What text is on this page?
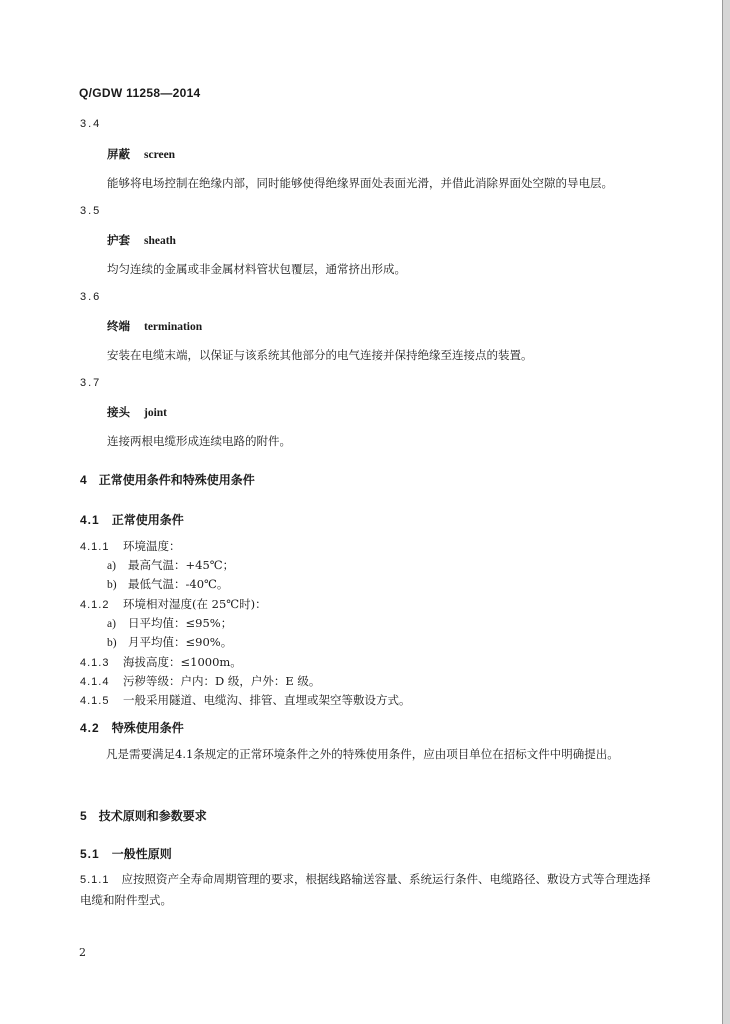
Q/GDW 11258—2014
3.4
屏蔽 screen
能够将电场控制在绝缘内部，同时能够使得绝缘界面处表面光滑，并借此消除界面处空隙的导电层。
3.5
护套 sheath
均匀连续的金属或非金属材料管状包覆层，通常挤出形成。
3.6
终端 termination
安装在电缆末端，以保证与该系统其他部分的电气连接并保持绝缘至连接点的装置。
3.7
接头 joint
连接两根电缆形成连续电路的附件。
4 正常使用条件和特殊使用条件
4.1 正常使用条件
4.1.1 环境温度：
a) 最高气温：+45℃；
b) 最低气温：-40℃。
4.1.2 环境相对湿度(在 25℃时)：
a) 日平均值：≤95%；
b) 月平均值：≤90%。
4.1.3 海拔高度：≤1000m。
4.1.4 污秽等级：户内：D 级，户外：E 级。
4.1.5 一般采用隧道、电缆沟、排管、直埋或架空等敷设方式。
4.2 特殊使用条件
凡是需要满足4.1条规定的正常环境条件之外的特殊使用条件，应由项目单位在招标文件中明确提出。
5 技术原则和参数要求
5.1 一般性原则
5.1.1 应按照资产全寿命周期管理的要求，根据线路输送容量、系统运行条件、电缆路径、敷设方式等合理选择电缆和附件型式。
2
